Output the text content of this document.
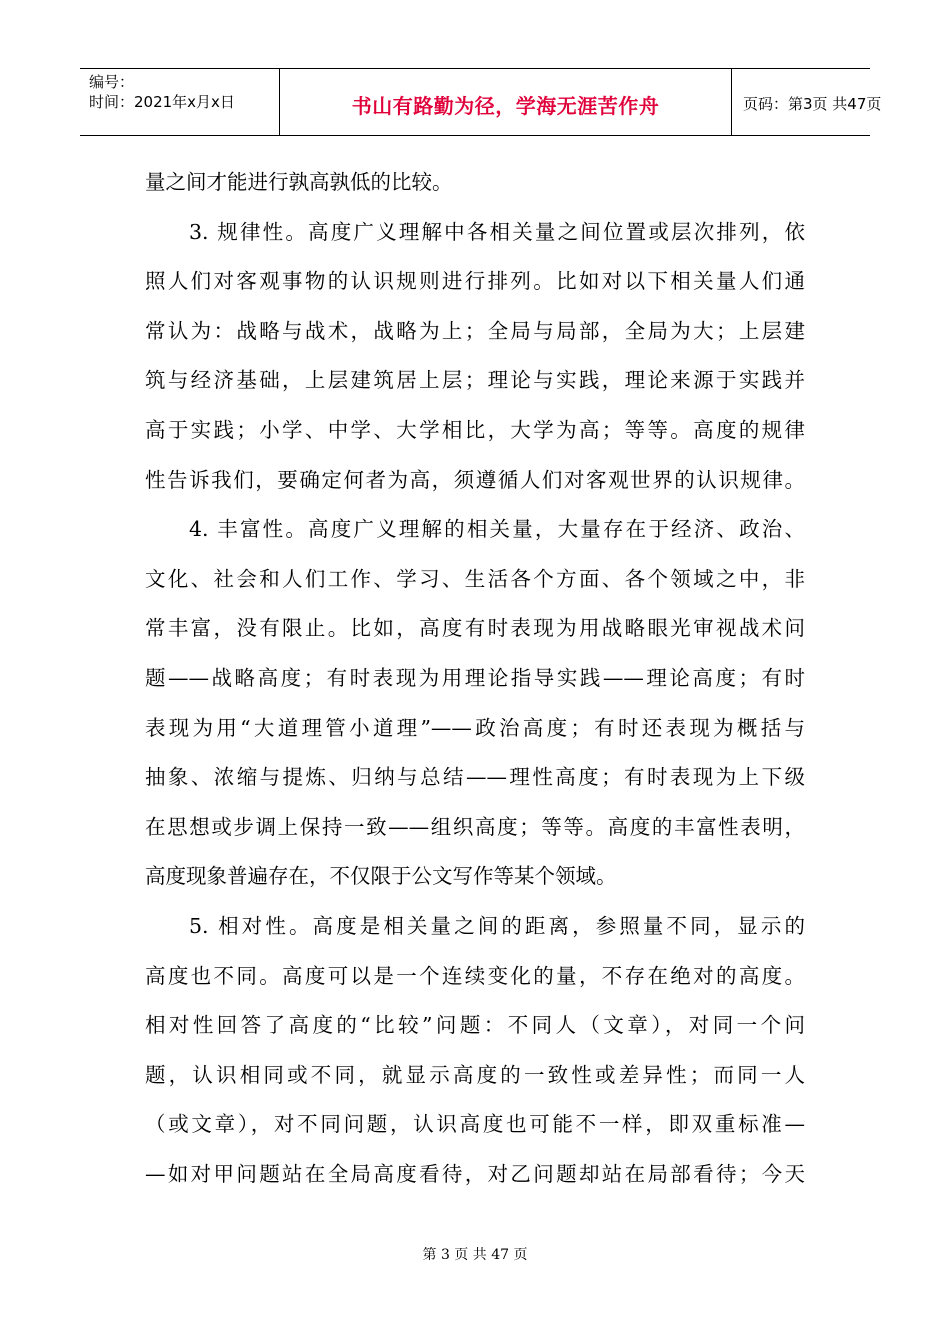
编号：
时间：2021年x月x日	书山有路勤为径，学海无涯苦作舟	页码：第3页 共47页
量之间才能进行孰高孰低的比较。
3. 规律性。高度广义理解中各相关量之间位置或层次排列，依
照人们对客观事物的认识规则进行排列。比如对以下相关量人们通
常认为：战略与战术，战略为上；全局与局部，全局为大；上层建
筑与经济基础，上层建筑居上层；理论与实践，理论来源于实践并
高于实践；小学、中学、大学相比，大学为高；等等。高度的规律
性告诉我们，要确定何者为高，须遵循人们对客观世界的认识规律。
4. 丰富性。高度广义理解的相关量，大量存在于经济、政治、
文化、社会和人们工作、学习、生活各个方面、各个领域之中，非
常丰富，没有限止。比如，高度有时表现为用战略眼光审视战术问
题——战略高度；有时表现为用理论指导实践——理论高度；有时
表现为用“大道理管小道理”——政治高度；有时还表现为概括与
抽象、浓缩与提炼、归纳与总结——理性高度；有时表现为上下级
在思想或步调上保持一致——组织高度；等等。高度的丰富性表明，
高度现象普遍存在，不仅限于公文写作等某个领域。
5. 相对性。高度是相关量之间的距离，参照量不同，显示的
高度也不同。高度可以是一个连续变化的量，不存在绝对的高度。
相对性回答了高度的“比较”问题：不同人（文章），对同一个问
题，认识相同或不同，就显示高度的一致性或差异性；而同一人
（或文章），对不同问题，认识高度也可能不一样，即双重标准—
—如对甲问题站在全局高度看待，对乙问题却站在局部看待；今天
第 3 页 共 47 页
